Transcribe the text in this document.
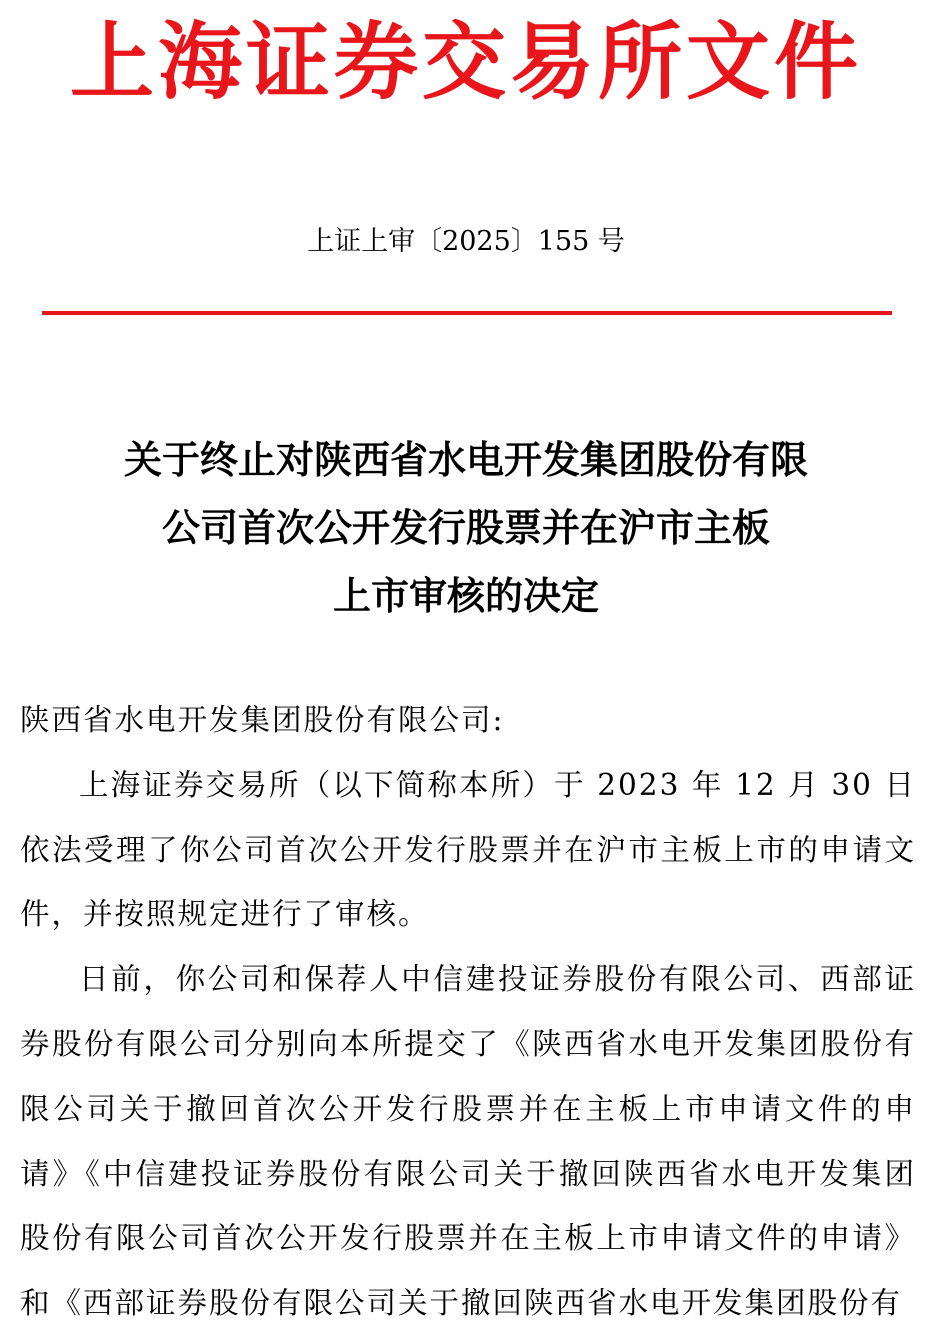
上海证券交易所文件
上证上审〔2025〕155 号
关于终止对陕西省水电开发集团股份有限
公司首次公开发行股票并在沪市主板
上市审核的决定

陕西省水电开发集团股份有限公司:

上海证券交易所（以下简称本所）于 2023 年 12 月 30 日依法受理了你公司首次公开发行股票并在沪市主板上市的申请文件，并按照规定进行了审核。

日前，你公司和保荐人中信建投证券股份有限公司、西部证券股份有限公司分别向本所提交了《陕西省水电开发集团股份有限公司关于撤回首次公开发行股票并在主板上市申请文件的申请》《中信建投证券股份有限公司关于撤回陕西省水电开发集团股份有限公司首次公开发行股票并在主板上市申请文件的申请》和《西部证券股份有限公司关于撤回陕西省水电开发集团股份有
